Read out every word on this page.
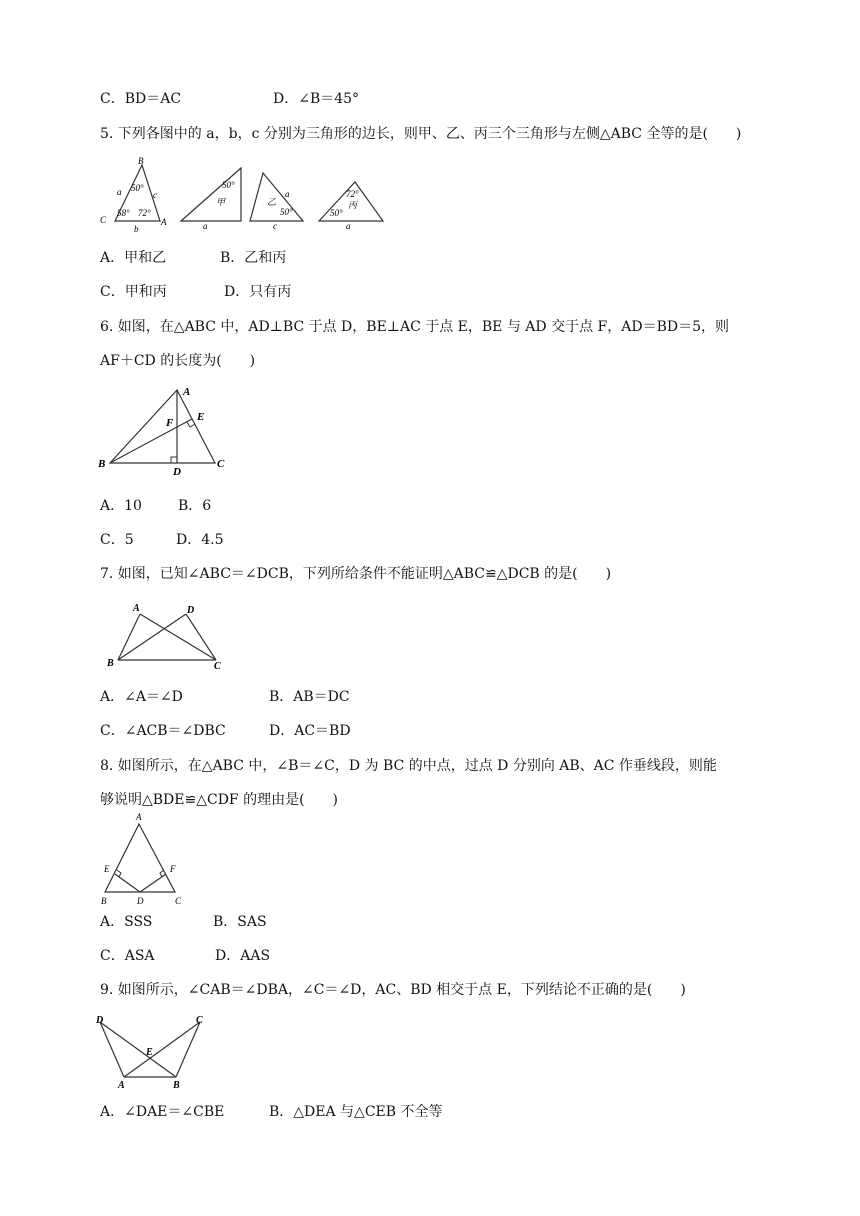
C．BD＝AC	D．∠B＝45°
5. 下列各图中的 a，b，c 分别为三角形的边长，则甲、乙、丙三个三角形与左侧△ABC 全等的是(　　)
B
C	A
a	c
b
50°
58° 72°
50°
甲
a
乙
50°
a
c
72°
丙
50°
a
A．甲和乙	B．乙和丙
C．甲和丙	D．只有丙
6. 如图，在△ABC 中，AD⊥BC 于点 D，BE⊥AC 于点 E，BE 与 AD 交于点 F，AD＝BD＝5，则
AF＋CD 的长度为(　　)
A
B	C
D
E
F
A．10	B．6
C．5	D．4.5
7. 如图，已知∠ABC＝∠DCB，下列所给条件不能证明△ABC≌△DCB 的是(　　)
A
B	C
D
A．∠A＝∠D	B．AB＝DC
C．∠ACB＝∠DBC	D．AC＝BD
8. 如图所示，在△ABC 中，∠B＝∠C，D 为 BC 的中点，过点 D 分别向 AB、AC 作垂线段，则能
够说明△BDE≌△CDF 的理由是(　　)
A
B	C
D
E	F
A．SSS	B．SAS
C．ASA	D．AAS
9. 如图所示，∠CAB＝∠DBA，∠C＝∠D，AC、BD 相交于点 E，下列结论不正确的是(　　)
A	B
C
D
E
A．∠DAE＝∠CBE	B．△DEA 与△CEB 不全等
